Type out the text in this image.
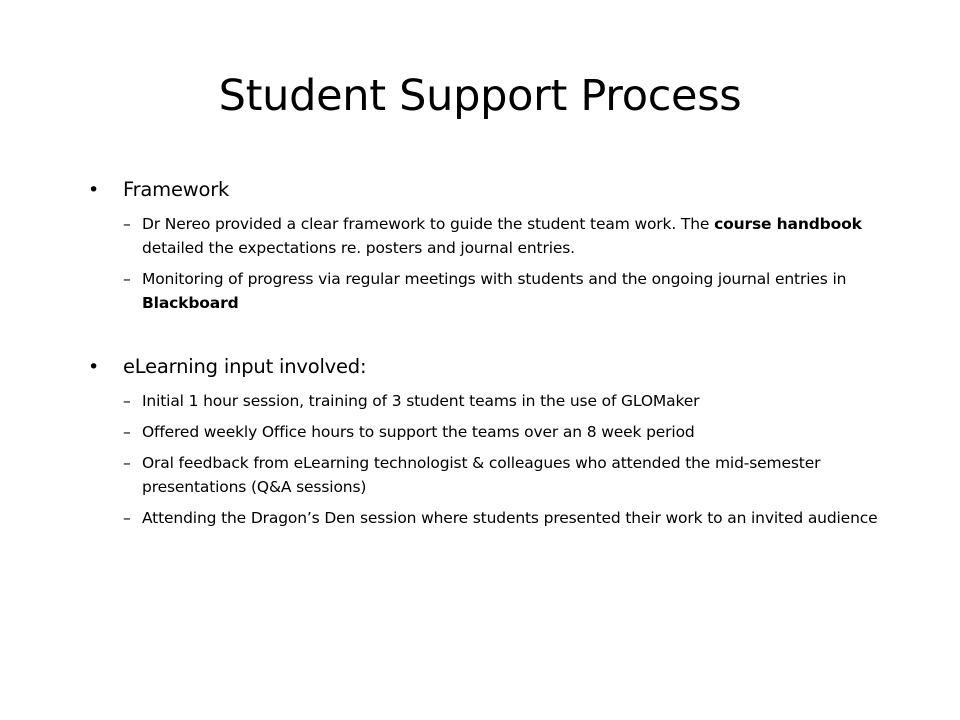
Student Support Process
•	Framework
– Dr Nereo provided a clear framework to guide the student team work. The course handbook detailed the expectations re. posters and journal entries.
– Monitoring of progress via regular meetings with students and the ongoing journal entries in Blackboard
•	eLearning input involved:
– Initial 1 hour session, training of 3 student teams in the use of GLOMaker
– Offered weekly Office hours to support the teams over an 8 week period
– Oral feedback from eLearning technologist & colleagues who attended the mid-semester presentations (Q&A sessions)
– Attending the Dragon’s Den session where students presented their work to an invited audience
